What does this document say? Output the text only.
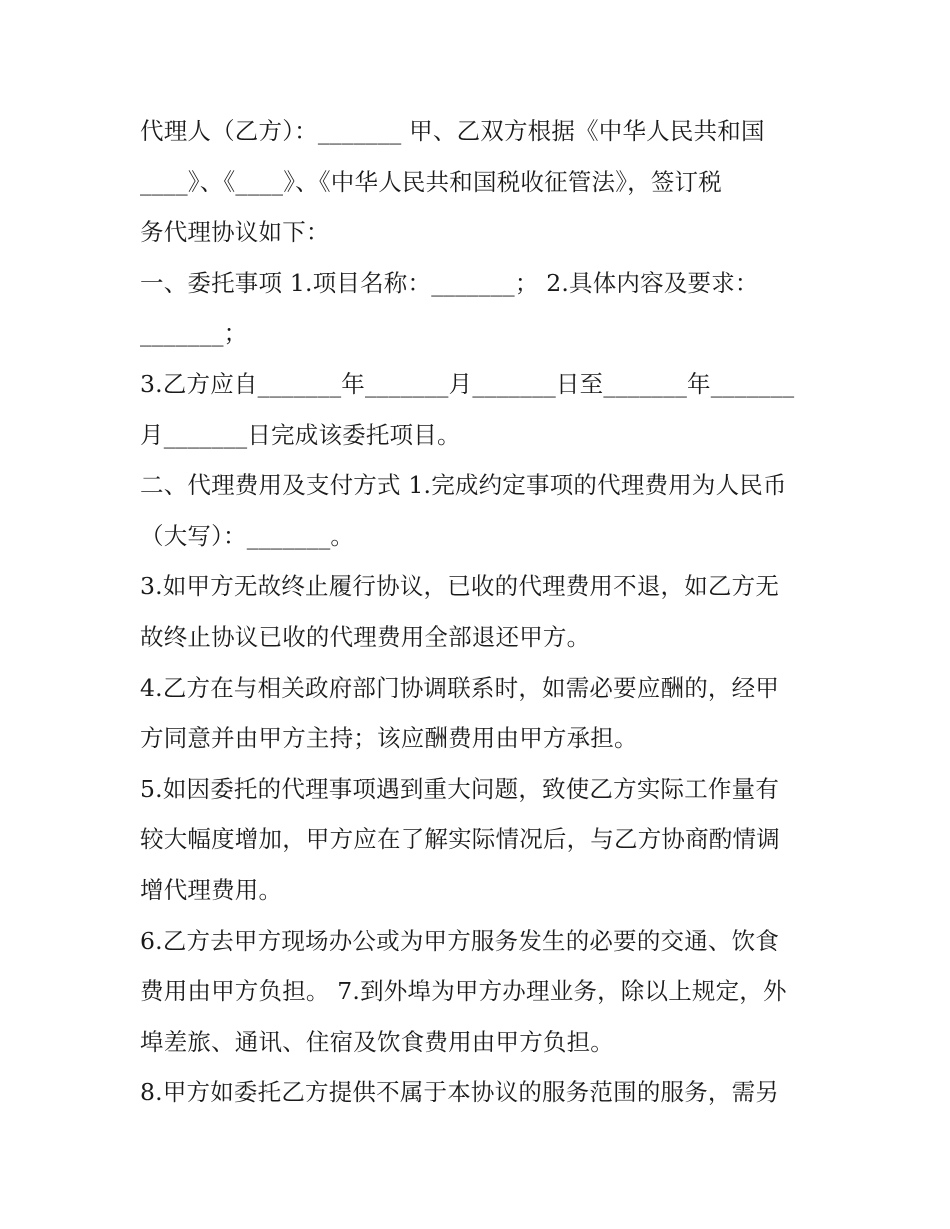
代理人（乙方）：_______ 甲、乙双方根据《中华人民共和国
____》、《____》、《中华人民共和国税收征管法》，签订税
务代理协议如下：
一、委托事项 1.项目名称：_______； 2.具体内容及要求：
_______；
3.乙方应自_______年_______月_______日至_______年_______
月_______日完成该委托项目。
二、代理费用及支付方式 1.完成约定事项的代理费用为人民币
（大写）：_______。
3.如甲方无故终止履行协议，已收的代理费用不退，如乙方无
故终止协议已收的代理费用全部退还甲方。
4.乙方在与相关政府部门协调联系时，如需必要应酬的，经甲
方同意并由甲方主持；该应酬费用由甲方承担。
5.如因委托的代理事项遇到重大问题，致使乙方实际工作量有
较大幅度增加，甲方应在了解实际情况后，与乙方协商酌情调
增代理费用。
6.乙方去甲方现场办公或为甲方服务发生的必要的交通、饮食
费用由甲方负担。 7.到外埠为甲方办理业务，除以上规定，外
埠差旅、通讯、住宿及饮食费用由甲方负担。
8.甲方如委托乙方提供不属于本协议的服务范围的服务，需另
